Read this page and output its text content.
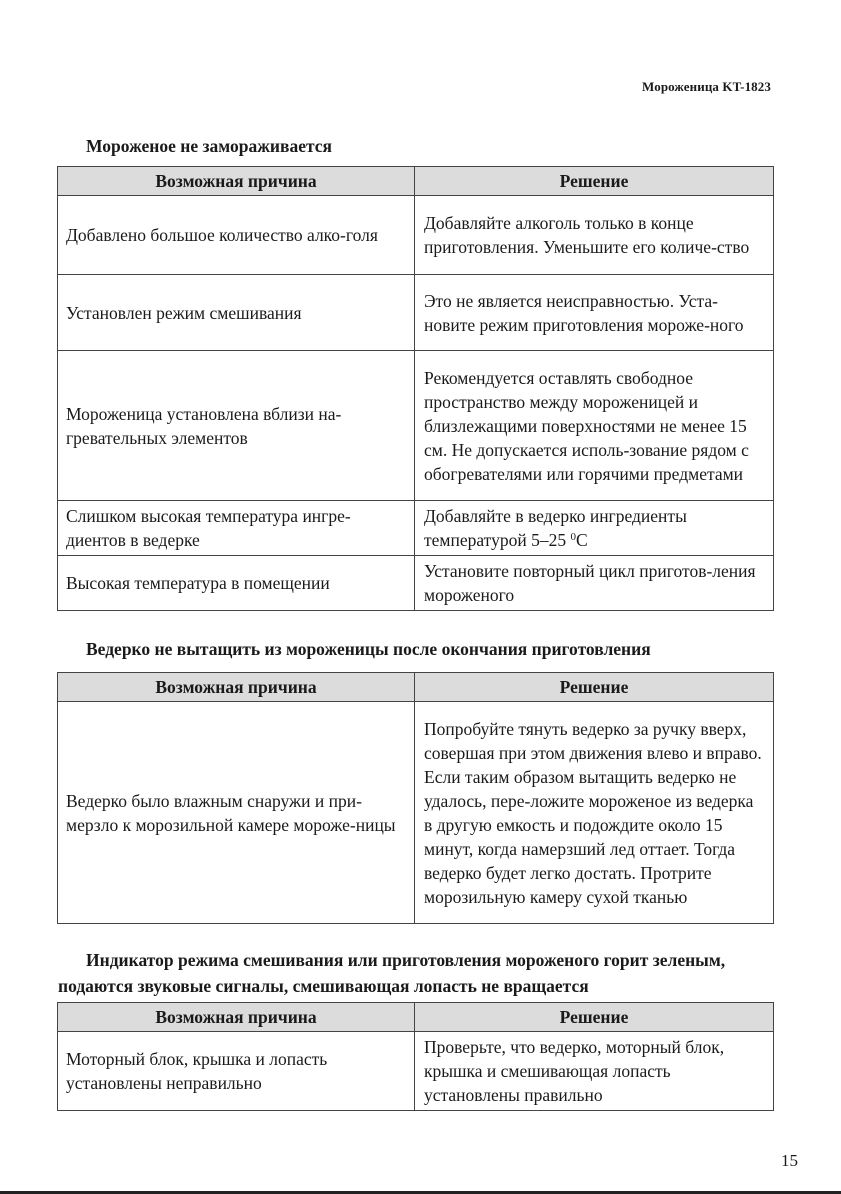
Мороженица KT-1823
Мороженое не замораживается
Возможная причина	Решение
Добавлено большое количество алко-голя	Добавляйте алкоголь только в конце приготовления. Уменьшите его количе-ство
Установлен режим смешивания	Это не является неисправностью. Уста-новите режим приготовления мороже-ного
Мороженица установлена вблизи на-гревательных элементов	Рекомендуется оставлять свободное пространство между мороженицей и близлежащими поверхностями не менее 15 см. Не допускается исполь-зование рядом с обогревателями или горячими предметами
Слишком высокая температура ингре-диентов в ведерке	Добавляйте в ведерко ингредиенты температурой 5–25 $^0$С
Высокая температура в помещении	Установите повторный цикл приготов-ления мороженого
Ведерко не вытащить из мороженицы после окончания приготовления
Возможная причина	Решение
Ведерко было влажным снаружи и при-мерзло к морозильной камере мороже-ницы	Попробуйте тянуть ведерко за ручку вверх, совершая при этом движения влево и вправо. Если таким образом вытащить ведерко не удалось, пере-ложите мороженое из ведерка в другую емкость и подождите около 15 минут, когда намерзший лед оттает. Тогда ведерко будет легко достать. Протрите морозильную камеру сухой тканью
Индикатор режима смешивания или приготовления мороженого горит зеленым, подаются звуковые сигналы, смешивающая лопасть не вращается
Возможная причина	Решение
Моторный блок, крышка и лопасть установлены неправильно	Проверьте, что ведерко, моторный блок, крышка и смешивающая лопасть установлены правильно
15
